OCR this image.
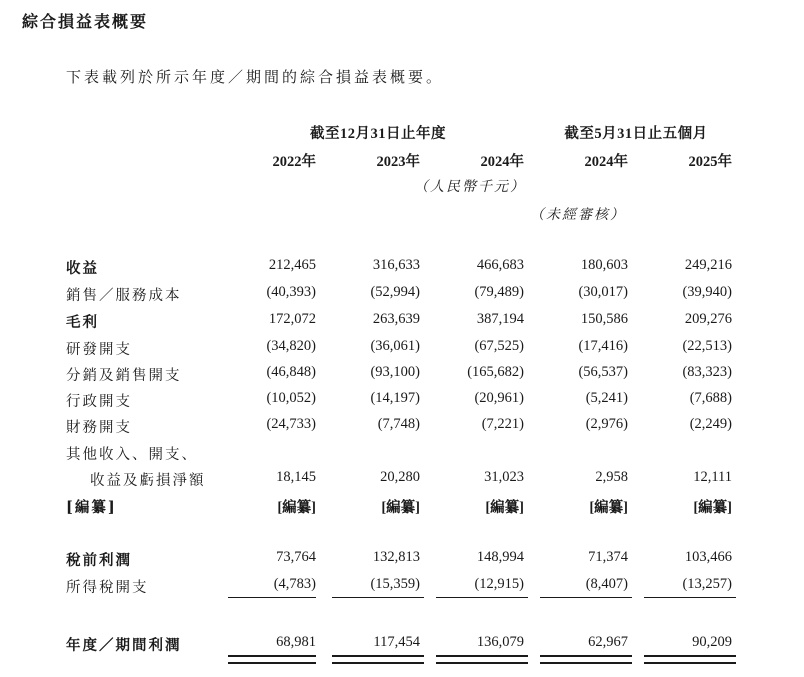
綜合損益表概要
下表載列於所示年度／期間的綜合損益表概要。
截至12月31日止年度	截至5月31日止五個月
2022年	2023年	2024年	2024年	2025年
（人民幣千元）
（未經審核）
收益	212,465	316,633	466,683	180,603	249,216
銷售／服務成本	(40,393)	(52,994)	(79,489)	(30,017)	(39,940)
毛利	172,072	263,639	387,194	150,586	209,276
研發開支	(34,820)	(36,061)	(67,525)	(17,416)	(22,513)
分銷及銷售開支	(46,848)	(93,100)	(165,682)	(56,537)	(83,323)
行政開支	(10,052)	(14,197)	(20,961)	(5,241)	(7,688)
財務開支	(24,733)	(7,748)	(7,221)	(2,976)	(2,249)
其他收入、開支、
收益及虧損淨額	18,145	20,280	31,023	2,958	12,111
[編纂]	[編纂]	[編纂]	[編纂]	[編纂]	[編纂]
稅前利潤	73,764	132,813	148,994	71,374	103,466
所得稅開支	(4,783)	(15,359)	(12,915)	(8,407)	(13,257)
年度／期間利潤	68,981	117,454	136,079	62,967	90,209
